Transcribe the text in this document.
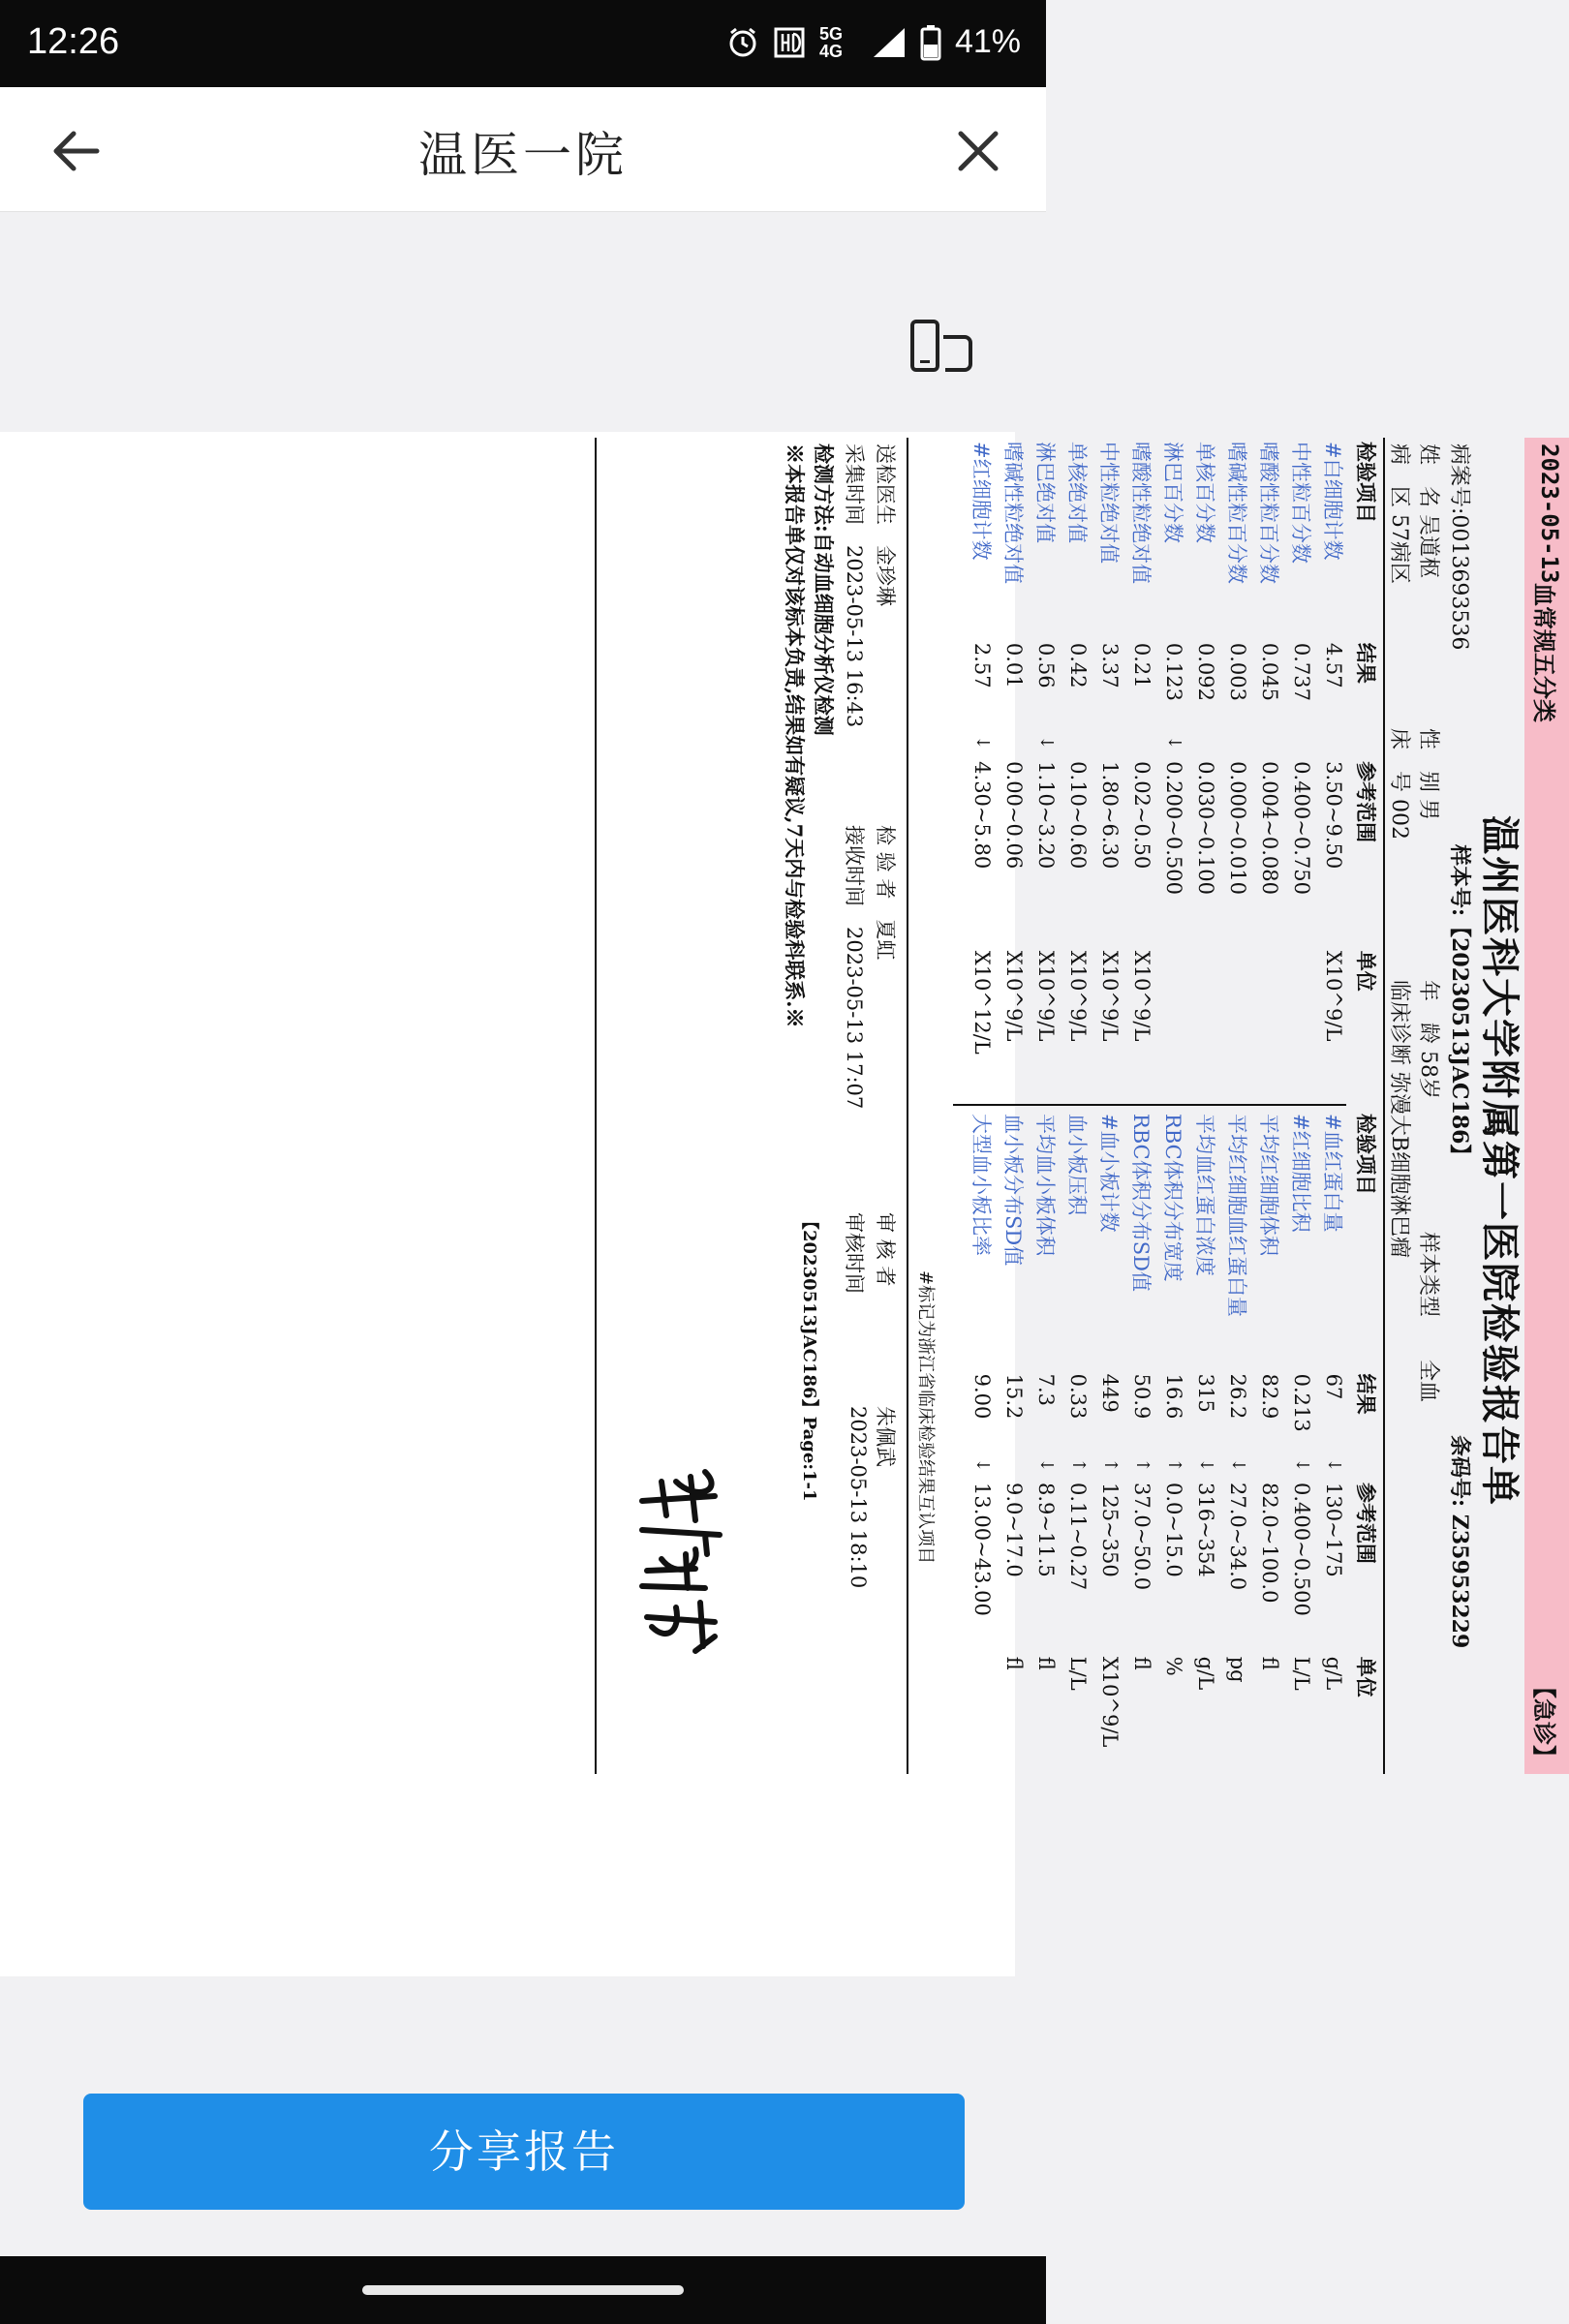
12:26	5G 4G	41%
温医一院
2023-05-13
血常规五分类
【急诊】
温州医科大学附属第一医院检验报告单
病案号:0013693536
样本号:【20230513JAC186】
条码号: Z35953229
姓　名 吴道枢
性　别 男
年　龄 58岁
样本类型　　全血
病　区 57病区
床　号 002
临床诊断 弥漫大B细胞淋巴瘤
检验项目	结果		参考范围	单位
#白细胞计数	4.57		3.50~9.50	X10^9/L
中性粒百分数	0.737		0.400~0.750	
嗜酸性粒百分数	0.045		0.004~0.080	
嗜碱性粒百分数	0.003		0.000~0.010	
单核百分数	0.092		0.030~0.100	
淋巴百分数	0.123	↓	0.200~0.500	
嗜酸性粒绝对值	0.21		0.02~0.50	X10^9/L
中性粒绝对值	3.37		1.80~6.30	X10^9/L
单核绝对值	0.42		0.10~0.60	X10^9/L
淋巴绝对值	0.56	↓	1.10~3.20	X10^9/L
嗜碱性粒绝对值	0.01		0.00~0.06	X10^9/L
#红细胞计数	2.57	↓	4.30~5.80	X10^12/L
检验项目	结果		参考范围	单位
#血红蛋白量	67	↓	130~175	g/L
#红细胞比积	0.213	↓	0.400~0.500	L/L
平均红细胞体积	82.9		82.0~100.0	fl
平均红细胞血红蛋白量	26.2	↓	27.0~34.0	pg
平均血红蛋白浓度	315	↓	316~354	g/L
RBC体积分布宽度	16.6	↑	0.0~15.0	%
RBC体积分布SD值	50.9	↑	37.0~50.0	fl
#血小板计数	449	↑	125~350	X10^9/L
血小板压积	0.33	↑	0.11~0.27	L/L
平均血小板体积	7.3	↓	8.9~11.5	fl
血小板分布SD值	15.2		9.0~17.0	fl
大型血小板比率	9.00	↓	13.00~43.00	
#标记为浙江省临床检验结果互认项目
送检医生　金珍琳
检 验 者　夏虹
审 核 者
朱佩武
采集时间　2023-05-13 16:43
接收时间　2023-05-13 17:07
审核时间
2023-05-13 18:10
检测方法:自动血细胞分析仪检测
※本报告单仅对该标本负责,结果如有疑议,7天内与检验科联系.※
【20230513JAC186】Page:1-1
分享报告
